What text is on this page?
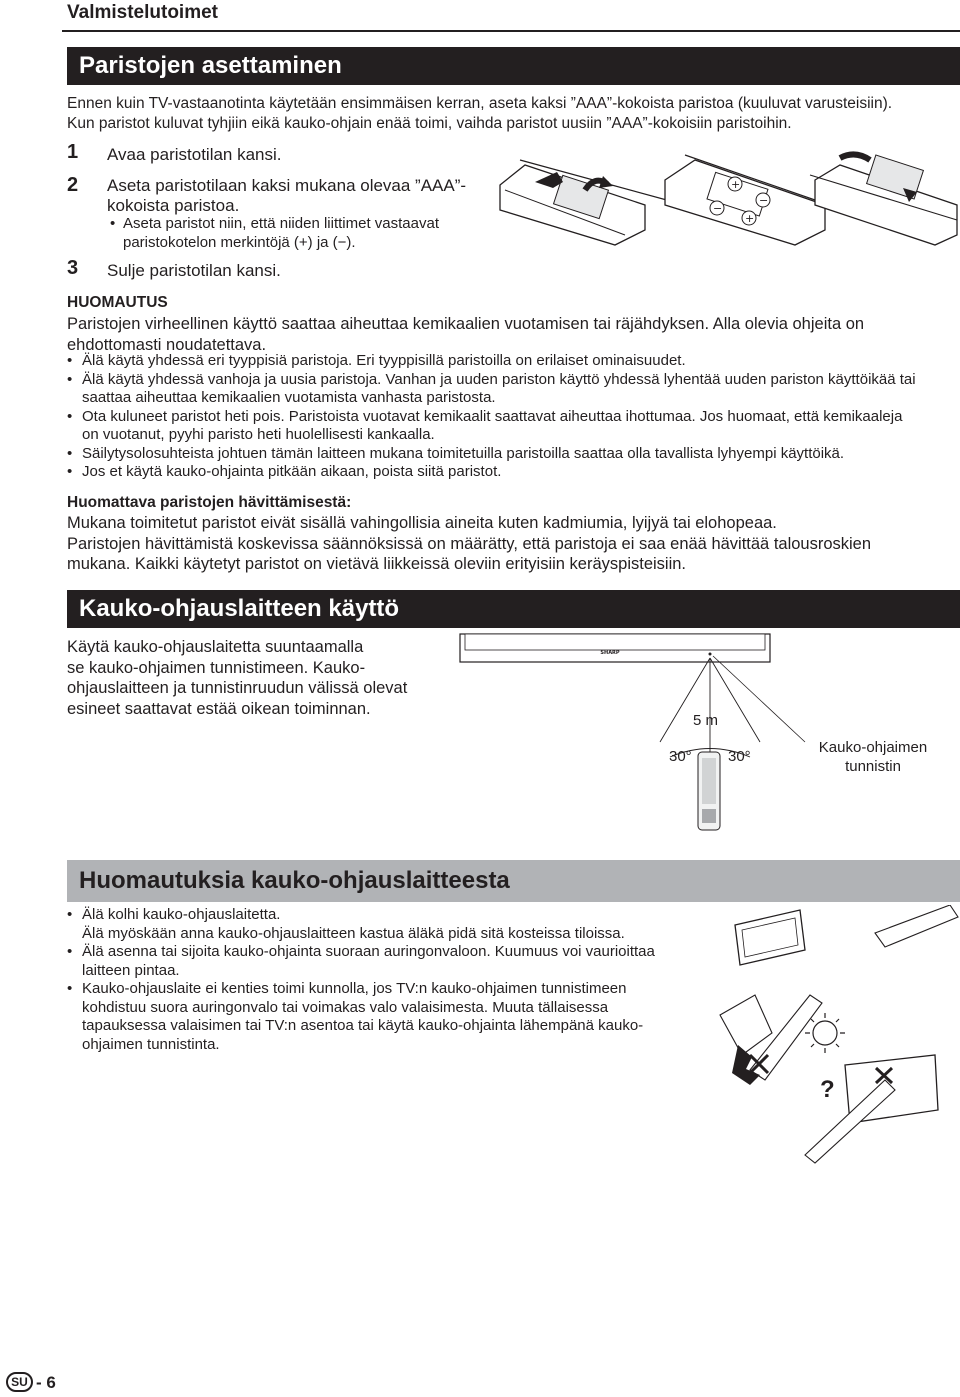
Valmistelutoimet
Paristojen asettaminen
Ennen kuin TV-vastaanotinta käytetään ensimmäisen kerran, aseta kaksi ”AAA”-kokoista paristoa (kuuluvat varusteisiin).
Kun paristot kuluvat tyhjiin eikä kauko-ohjain enää toimi, vaihda paristot uusiin ”AAA”-kokoisiin paristoihin.
1 Avaa paristotilan kansi.
2 Aseta paristotilaan kaksi mukana olevaa ”AAA”-
kokoista paristoa.
• Aseta paristot niin, että niiden liittimet vastaavat
paristokotelon merkintöjä (+) ja (−).
3 Sulje paristotilan kansi.
+
−
−
+
HUOMAUTUS
Paristojen virheellinen käyttö saattaa aiheuttaa kemikaalien vuotamisen tai räjähdyksen. Alla olevia ohjeita on
ehdottomasti noudatettava.
• Älä käytä yhdessä eri tyyppisiä paristoja. Eri tyyppisillä paristoilla on erilaiset ominaisuudet.
• Älä käytä yhdessä vanhoja ja uusia paristoja. Vanhan ja uuden pariston käyttö yhdessä lyhentää uuden pariston käyttöikää tai
saattaa aiheuttaa kemikaalien vuotamista vanhasta paristosta.
• Ota kuluneet paristot heti pois. Paristoista vuotavat kemikaalit saattavat aiheuttaa ihottumaa. Jos huomaat, että kemikaaleja
on vuotanut, pyyhi paristo heti huolellisesti kankaalla.
• Säilytysolosuhteista johtuen tämän laitteen mukana toimitetuilla paristoilla saattaa olla tavallista lyhyempi käyttöikä.
• Jos et käytä kauko-ohjainta pitkään aikaan, poista siitä paristot.
Huomattava paristojen hävittämisestä:
Mukana toimitetut paristot eivät sisällä vahingollisia aineita kuten kadmiumia, lyijyä tai elohopeaa.
Paristojen hävittämistä koskevissa säännöksissä on määrätty, että paristoja ei saa enää hävittää talousroskien
mukana. Kaikki käytetyt paristot on vietävä liikkeissä oleviin erityisiin keräyspisteisiin.
Kauko-ohjauslaitteen käyttö
Käytä kauko-ohjauslaitetta suuntaamalla
se kauko-ohjaimen tunnistimeen. Kauko-
ohjauslaitteen ja tunnistinruudun välissä olevat
esineet saattavat estää oikean toiminnan.
SHARP
5 m
30° 30°
Kauko-ohjaimen
tunnistin
Huomautuksia kauko-ohjauslaitteesta
• Älä kolhi kauko-ohjauslaitetta.
Älä myöskään anna kauko-ohjauslaitteen kastua äläkä pidä sitä kosteissa tiloissa.
• Älä asenna tai sijoita kauko-ohjainta suoraan auringonvaloon. Kuumuus voi vaurioittaa
laitteen pintaa.
• Kauko-ohjauslaite ei kenties toimi kunnolla, jos TV:n kauko-ohjaimen tunnistimeen
kohdistuu suora auringonvalo tai voimakas valo valaisimesta. Muuta tällaisessa
tapauksessa valaisimen tai TV:n asentoa tai käytä kauko-ohjainta lähempänä kauko-
ohjaimen tunnistinta.
?
SU - 6
